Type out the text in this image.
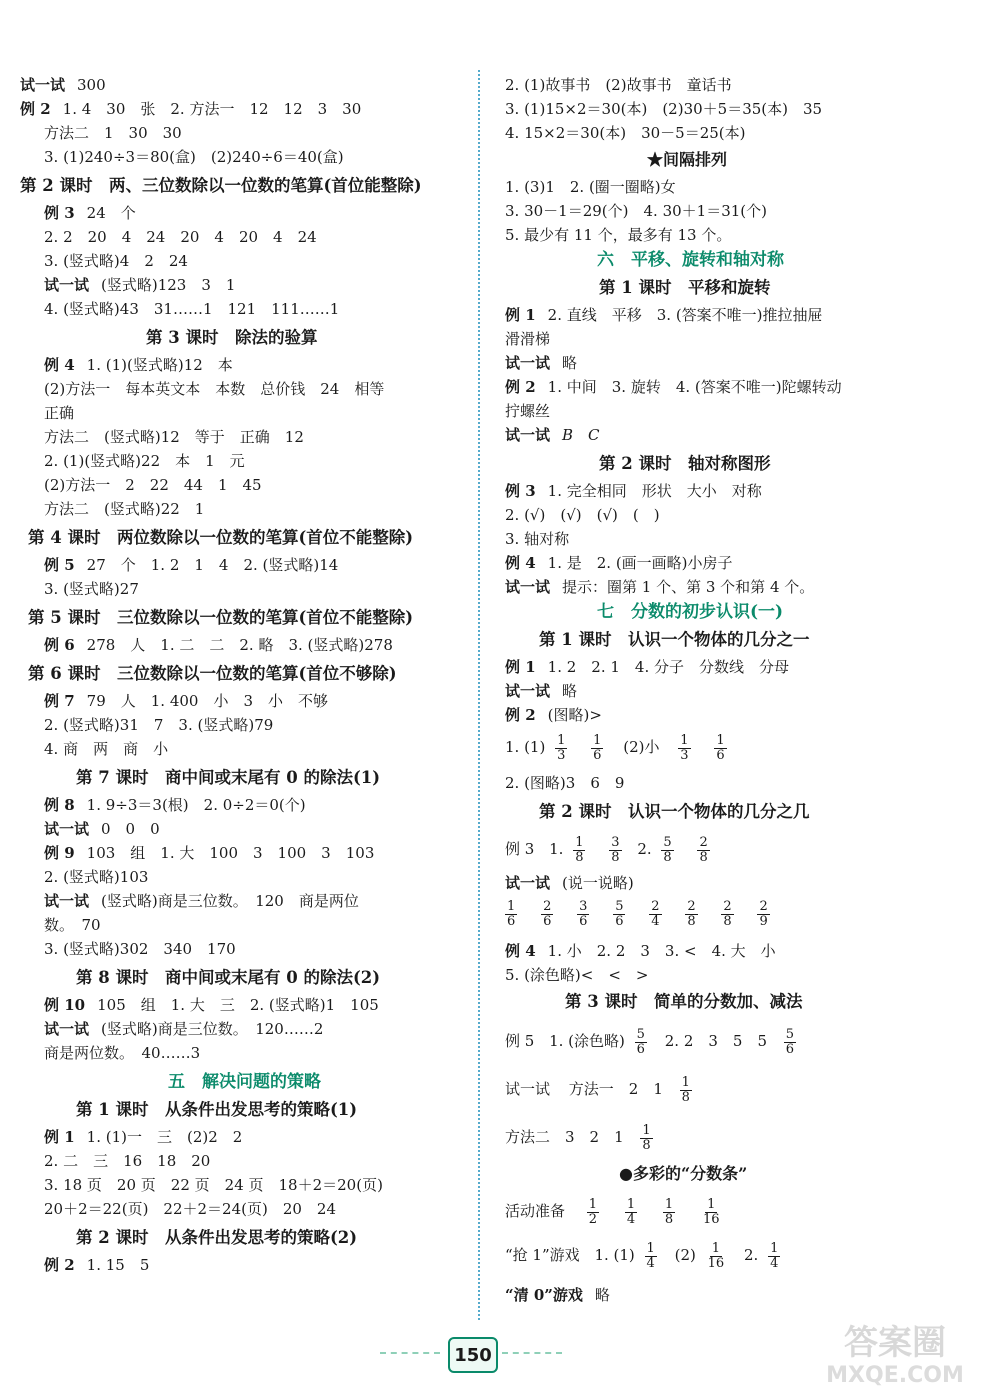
试一试 300
例 2 1. 4　30　张　2. 方法一　12　12　3　30
方法二　1　30　30
3. (1)240÷3＝80(盒)　(2)240÷6＝40(盒)
第 2 课时　两、三位数除以一位数的笔算(首位能整除)
例 3 24　个
2. 2　20　4　24　20　4　20　4　24
3. (竖式略)4　2　24
试一试 (竖式略)123　3　1
4. (竖式略)43　31……1　121　111……1
第 3 课时　除法的验算
例 4 1. (1)(竖式略)12　本
(2)方法一　每本英文本　本数　总价钱　24　相等
正确
方法二　(竖式略)12　等于　正确　12
2. (1)(竖式略)22　本　1　元
(2)方法一　2　22　44　1　45
方法二　(竖式略)22　1
第 4 课时　两位数除以一位数的笔算(首位不能整除)
例 5 27　个　1. 2　1　4　2. (竖式略)14
3. (竖式略)27
第 5 课时　三位数除以一位数的笔算(首位不能整除)
例 6 278　人　1. 二　二　2. 略　3. (竖式略)278
第 6 课时　三位数除以一位数的笔算(首位不够除)
例 7 79　人　1. 400　小　3　小　不够
2. (竖式略)31　7　3. (竖式略)79
4. 商　两　商　小
第 7 课时　商中间或末尾有 0 的除法(1)
例 8 1. 9÷3＝3(根)　2. 0÷2＝0(个)
试一试 0　0　0
例 9 103　组　1. 大　100　3　100　3　103
2. (竖式略)103
试一试 (竖式略)商是三位数。　120　商是两位
数。　70
3. (竖式略)302　340　170
第 8 课时　商中间或末尾有 0 的除法(2)
例 10 105　组　1. 大　三　2. (竖式略)1　105
试一试 (竖式略)商是三位数。　120……2
商是两位数。　40……3
五　解决问题的策略
第 1 课时　从条件出发思考的策略(1)
例 1 1. (1)一　三　(2)2　2
2. 二　三　16　18　20
3. 18 页　20 页　22 页　24 页　18＋2＝20(页)
20＋2＝22(页)　22＋2＝24(页)　20　24
第 2 课时　从条件出发思考的策略(2)
例 2 1. 15　5
2. (1)故事书　(2)故事书　童话书
3. (1)15×2＝30(本)　(2)30＋5＝35(本)　35
4. 15×2＝30(本)　30－5＝25(本)
★间隔排列
1. (3)1　2. (圈一圈略)女
3. 30－1＝29(个)　4. 30＋1＝31(个)
5. 最少有 11 个，最多有 13 个。
六　平移、旋转和轴对称
第 1 课时　平移和旋转
例 1 2. 直线　平移　3. (答案不唯一)推拉抽屉
滑滑梯
试一试 略
例 2 1. 中间　3. 旋转　4. (答案不唯一)陀螺转动
拧螺丝
试一试 B　C
第 2 课时　轴对称图形
例 3 1. 完全相同　形状　大小　对称
2. (√)　(√)　(√)　(　)
3. 轴对称
例 4 1. 是　2. (画一画略)小房子
试一试 提示：圈第 1 个、第 3 个和第 4 个。
七　分数的初步认识(一)
第 1 课时　认识一个物体的几分之一
例 1 1. 2　2. 1　4. 分子　分数线　分母
试一试 略
例 2 (图略)>
1. $(1) \frac{1}{3}$
$\frac{1}{6} (2)$小 $\frac{1}{3}$
$\frac{1}{6}$
2. (图略)3　6　9
第 2 课时　认识一个物体的几分之几
例 3 1. $\frac{1}{8}$
$\frac{3}{8} 2$. $\frac{5}{8}$
$\frac{2}{8}$
试一试 (说一说略)
$\frac{1}{6}$
$\frac{2}{6}$
$\frac{3}{6}$
$\frac{5}{6}$
$\frac{2}{4}$
$\frac{2}{8}$
$\frac{2}{8}$
$\frac{2}{9}$
例 4 1. 小　2. 2　3　3. <　4. 大　小
5. (涂色略)<　<　>
第 3 课时　简单的分数加、减法
例 5 1. (涂色略) $\frac{5}{6} 2$. 2　3　5　$5 \frac{5}{6}$
试一试 方法一　2　$1 \frac{1}{8}$
方法二　3　2　$1 \frac{1}{8}$
●多彩的“分数条”
活动准备 $\frac{1}{2}$
$\frac{1}{4}$
$\frac{1}{8}$
$\frac{1}{16}$
“抢 1”游戏 1. $(1) \frac{1}{4} (2) \frac{1}{16} 2$. $\frac{1}{4}$
“清 0”游戏 略
150	答案圈
MXQE.COM
